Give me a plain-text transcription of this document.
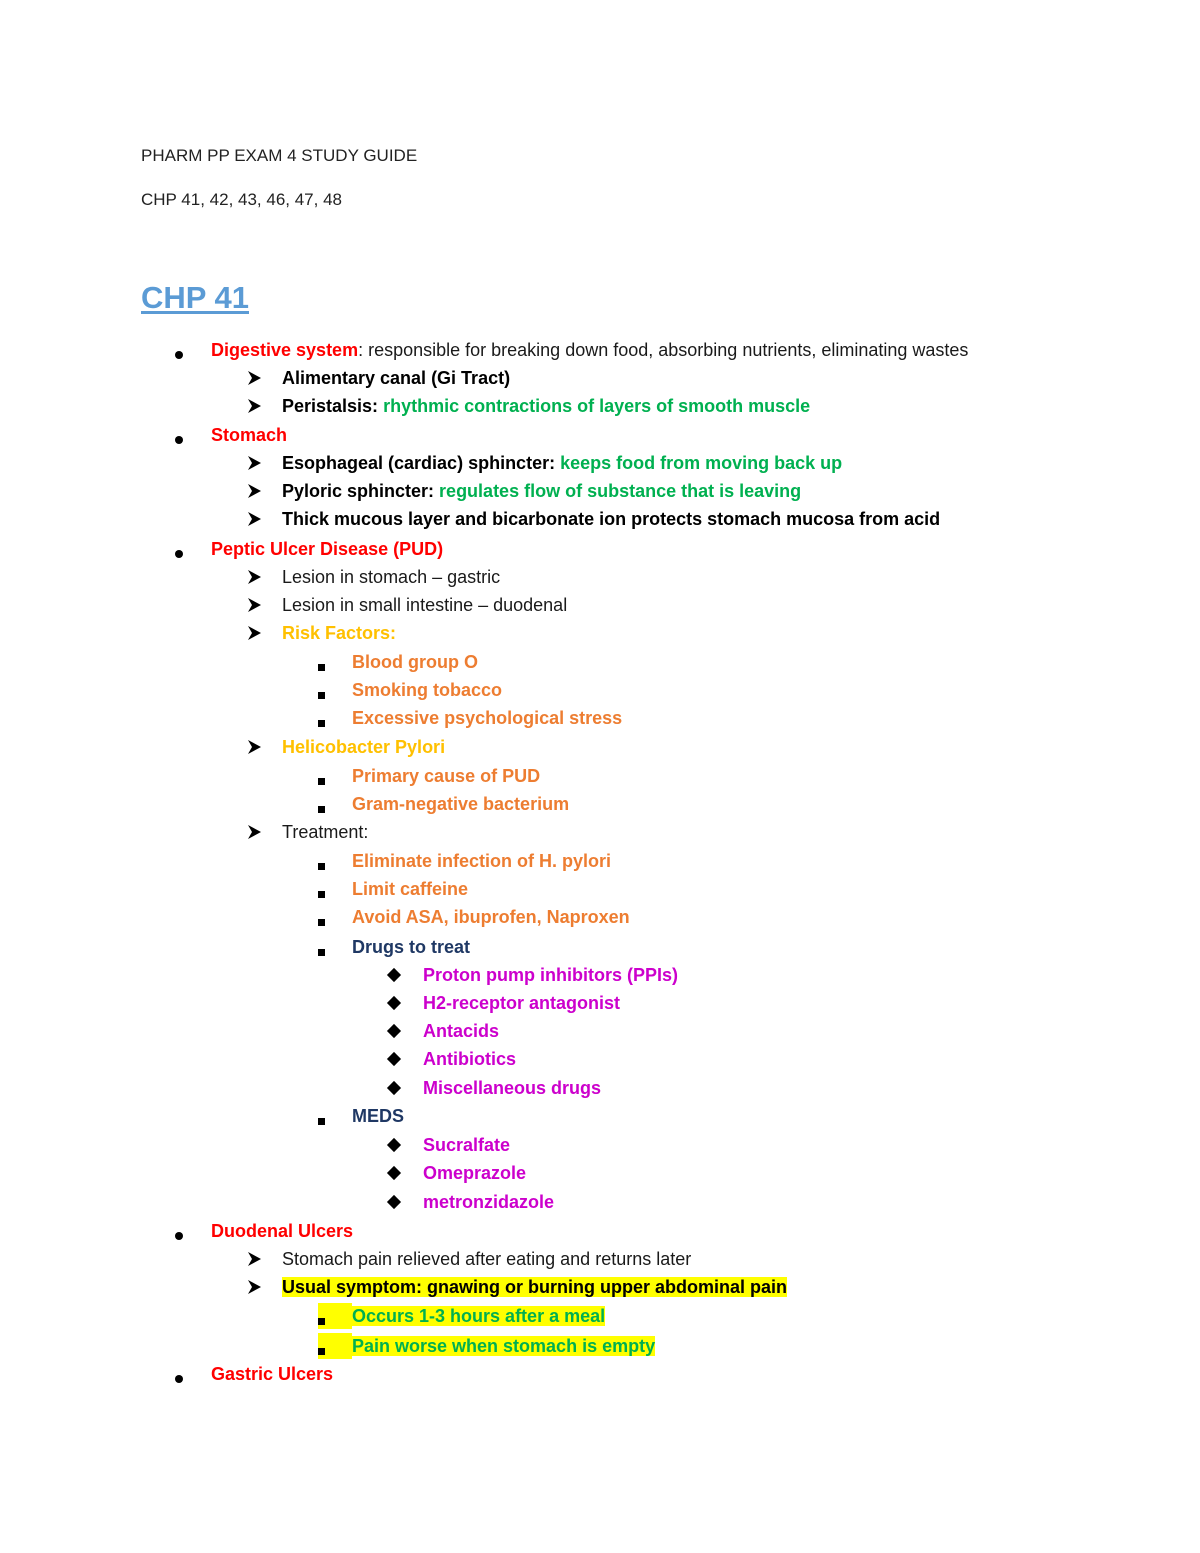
PHARM PP EXAM 4 STUDY GUIDE
CHP 41, 42, 43, 46, 47, 48
CHP 41
Digestive system: responsible for breaking down food, absorbing nutrients, eliminating wastes
Alimentary canal (Gi Tract)
Peristalsis: rhythmic contractions of layers of smooth muscle
Stomach
Esophageal (cardiac) sphincter: keeps food from moving back up
Pyloric sphincter: regulates flow of substance that is leaving
Thick mucous layer and bicarbonate ion protects stomach mucosa from acid
Peptic Ulcer Disease (PUD)
Lesion in stomach – gastric
Lesion in small intestine – duodenal
Risk Factors:
Blood group O
Smoking tobacco
Excessive psychological stress
Helicobacter Pylori
Primary cause of PUD
Gram-negative bacterium
Treatment:
Eliminate infection of H. pylori
Limit caffeine
Avoid ASA, ibuprofen, Naproxen
Drugs to treat
Proton pump inhibitors (PPIs)
H2-receptor antagonist
Antacids
Antibiotics
Miscellaneous drugs
MEDS
Sucralfate
Omeprazole
metronzidazole
Duodenal Ulcers
Stomach pain relieved after eating and returns later
Usual symptom: gnawing or burning upper abdominal pain
Occurs 1-3 hours after a meal
Pain worse when stomach is empty
Gastric Ulcers
